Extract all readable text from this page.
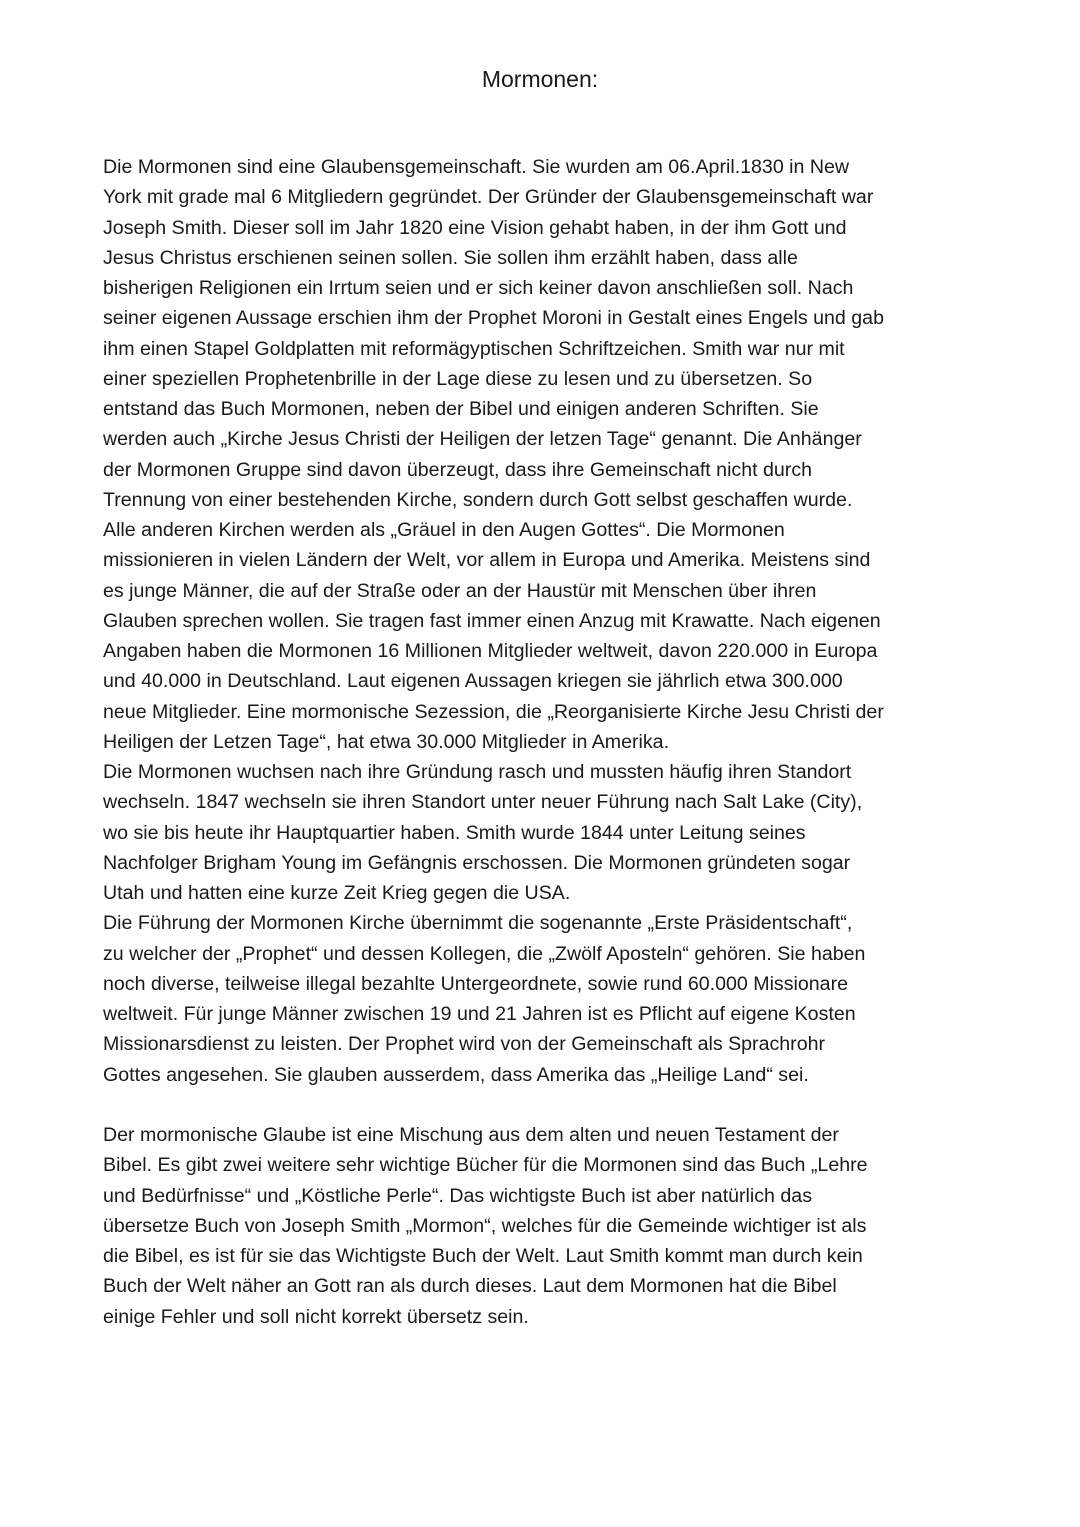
Mormonen:

Die Mormonen sind eine Glaubensgemeinschaft. Sie wurden am 06.April.1830 in New
York mit grade mal 6 Mitgliedern gegründet. Der Gründer der Glaubensgemeinschaft war
Joseph Smith. Dieser soll im Jahr 1820 eine Vision gehabt haben, in der ihm Gott und
Jesus Christus erschienen seinen sollen. Sie sollen ihm erzählt haben, dass alle
bisherigen Religionen ein Irrtum seien und er sich keiner davon anschließen soll. Nach
seiner eigenen Aussage erschien ihm der Prophet Moroni in Gestalt eines Engels und gab
ihm einen Stapel Goldplatten mit reformägyptischen Schriftzeichen. Smith war nur mit
einer speziellen Prophetenbrille in der Lage diese zu lesen und zu übersetzen. So
entstand das Buch Mormonen, neben der Bibel und einigen anderen Schriften. Sie
werden auch „Kirche Jesus Christi der Heiligen der letzen Tage“ genannt. Die Anhänger
der Mormonen Gruppe sind davon überzeugt, dass ihre Gemeinschaft nicht durch
Trennung von einer bestehenden Kirche, sondern durch Gott selbst geschaffen wurde.
Alle anderen Kirchen werden als „Gräuel in den Augen Gottes“. Die Mormonen
missionieren in vielen Ländern der Welt, vor allem in Europa und Amerika. Meistens sind
es junge Männer, die auf der Straße oder an der Haustür mit Menschen über ihren
Glauben sprechen wollen. Sie tragen fast immer einen Anzug mit Krawatte. Nach eigenen
Angaben haben die Mormonen 16 Millionen Mitglieder weltweit, davon 220.000 in Europa
und 40.000 in Deutschland. Laut eigenen Aussagen kriegen sie jährlich etwa 300.000
neue Mitglieder. Eine mormonische Sezession, die „Reorganisierte Kirche Jesu Christi der
Heiligen der Letzen Tage“, hat etwa 30.000 Mitglieder in Amerika.

Die Mormonen wuchsen nach ihre Gründung rasch und mussten häufig ihren Standort
wechseln. 1847 wechseln sie ihren Standort unter neuer Führung nach Salt Lake (City),
wo sie bis heute ihr Hauptquartier haben. Smith wurde 1844 unter Leitung seines
Nachfolger Brigham Young im Gefängnis erschossen. Die Mormonen gründeten sogar
Utah und hatten eine kurze Zeit Krieg gegen die USA.

Die Führung der Mormonen Kirche übernimmt die sogenannte „Erste Präsidentschaft“,
zu welcher der „Prophet“ und dessen Kollegen, die „Zwölf Aposteln“ gehören. Sie haben
noch diverse, teilweise illegal bezahlte Untergeordnete, sowie rund 60.000 Missionare
weltweit. Für junge Männer zwischen 19 und 21 Jahren ist es Pflicht auf eigene Kosten
Missionarsdienst zu leisten. Der Prophet wird von der Gemeinschaft als Sprachrohr
Gottes angesehen. Sie glauben ausserdem, dass Amerika das „Heilige Land“ sei.

Der mormonische Glaube ist eine Mischung aus dem alten und neuen Testament der
Bibel. Es gibt zwei weitere sehr wichtige Bücher für die Mormonen sind das Buch „Lehre
und Bedürfnisse“ und „Köstliche Perle“. Das wichtigste Buch ist aber natürlich das
übersetze Buch von Joseph Smith „Mormon“, welches für die Gemeinde wichtiger ist als
die Bibel, es ist für sie das Wichtigste Buch der Welt. Laut Smith kommt man durch kein
Buch der Welt näher an Gott ran als durch dieses. Laut dem Mormonen hat die Bibel
einige Fehler und soll nicht korrekt übersetz sein.
